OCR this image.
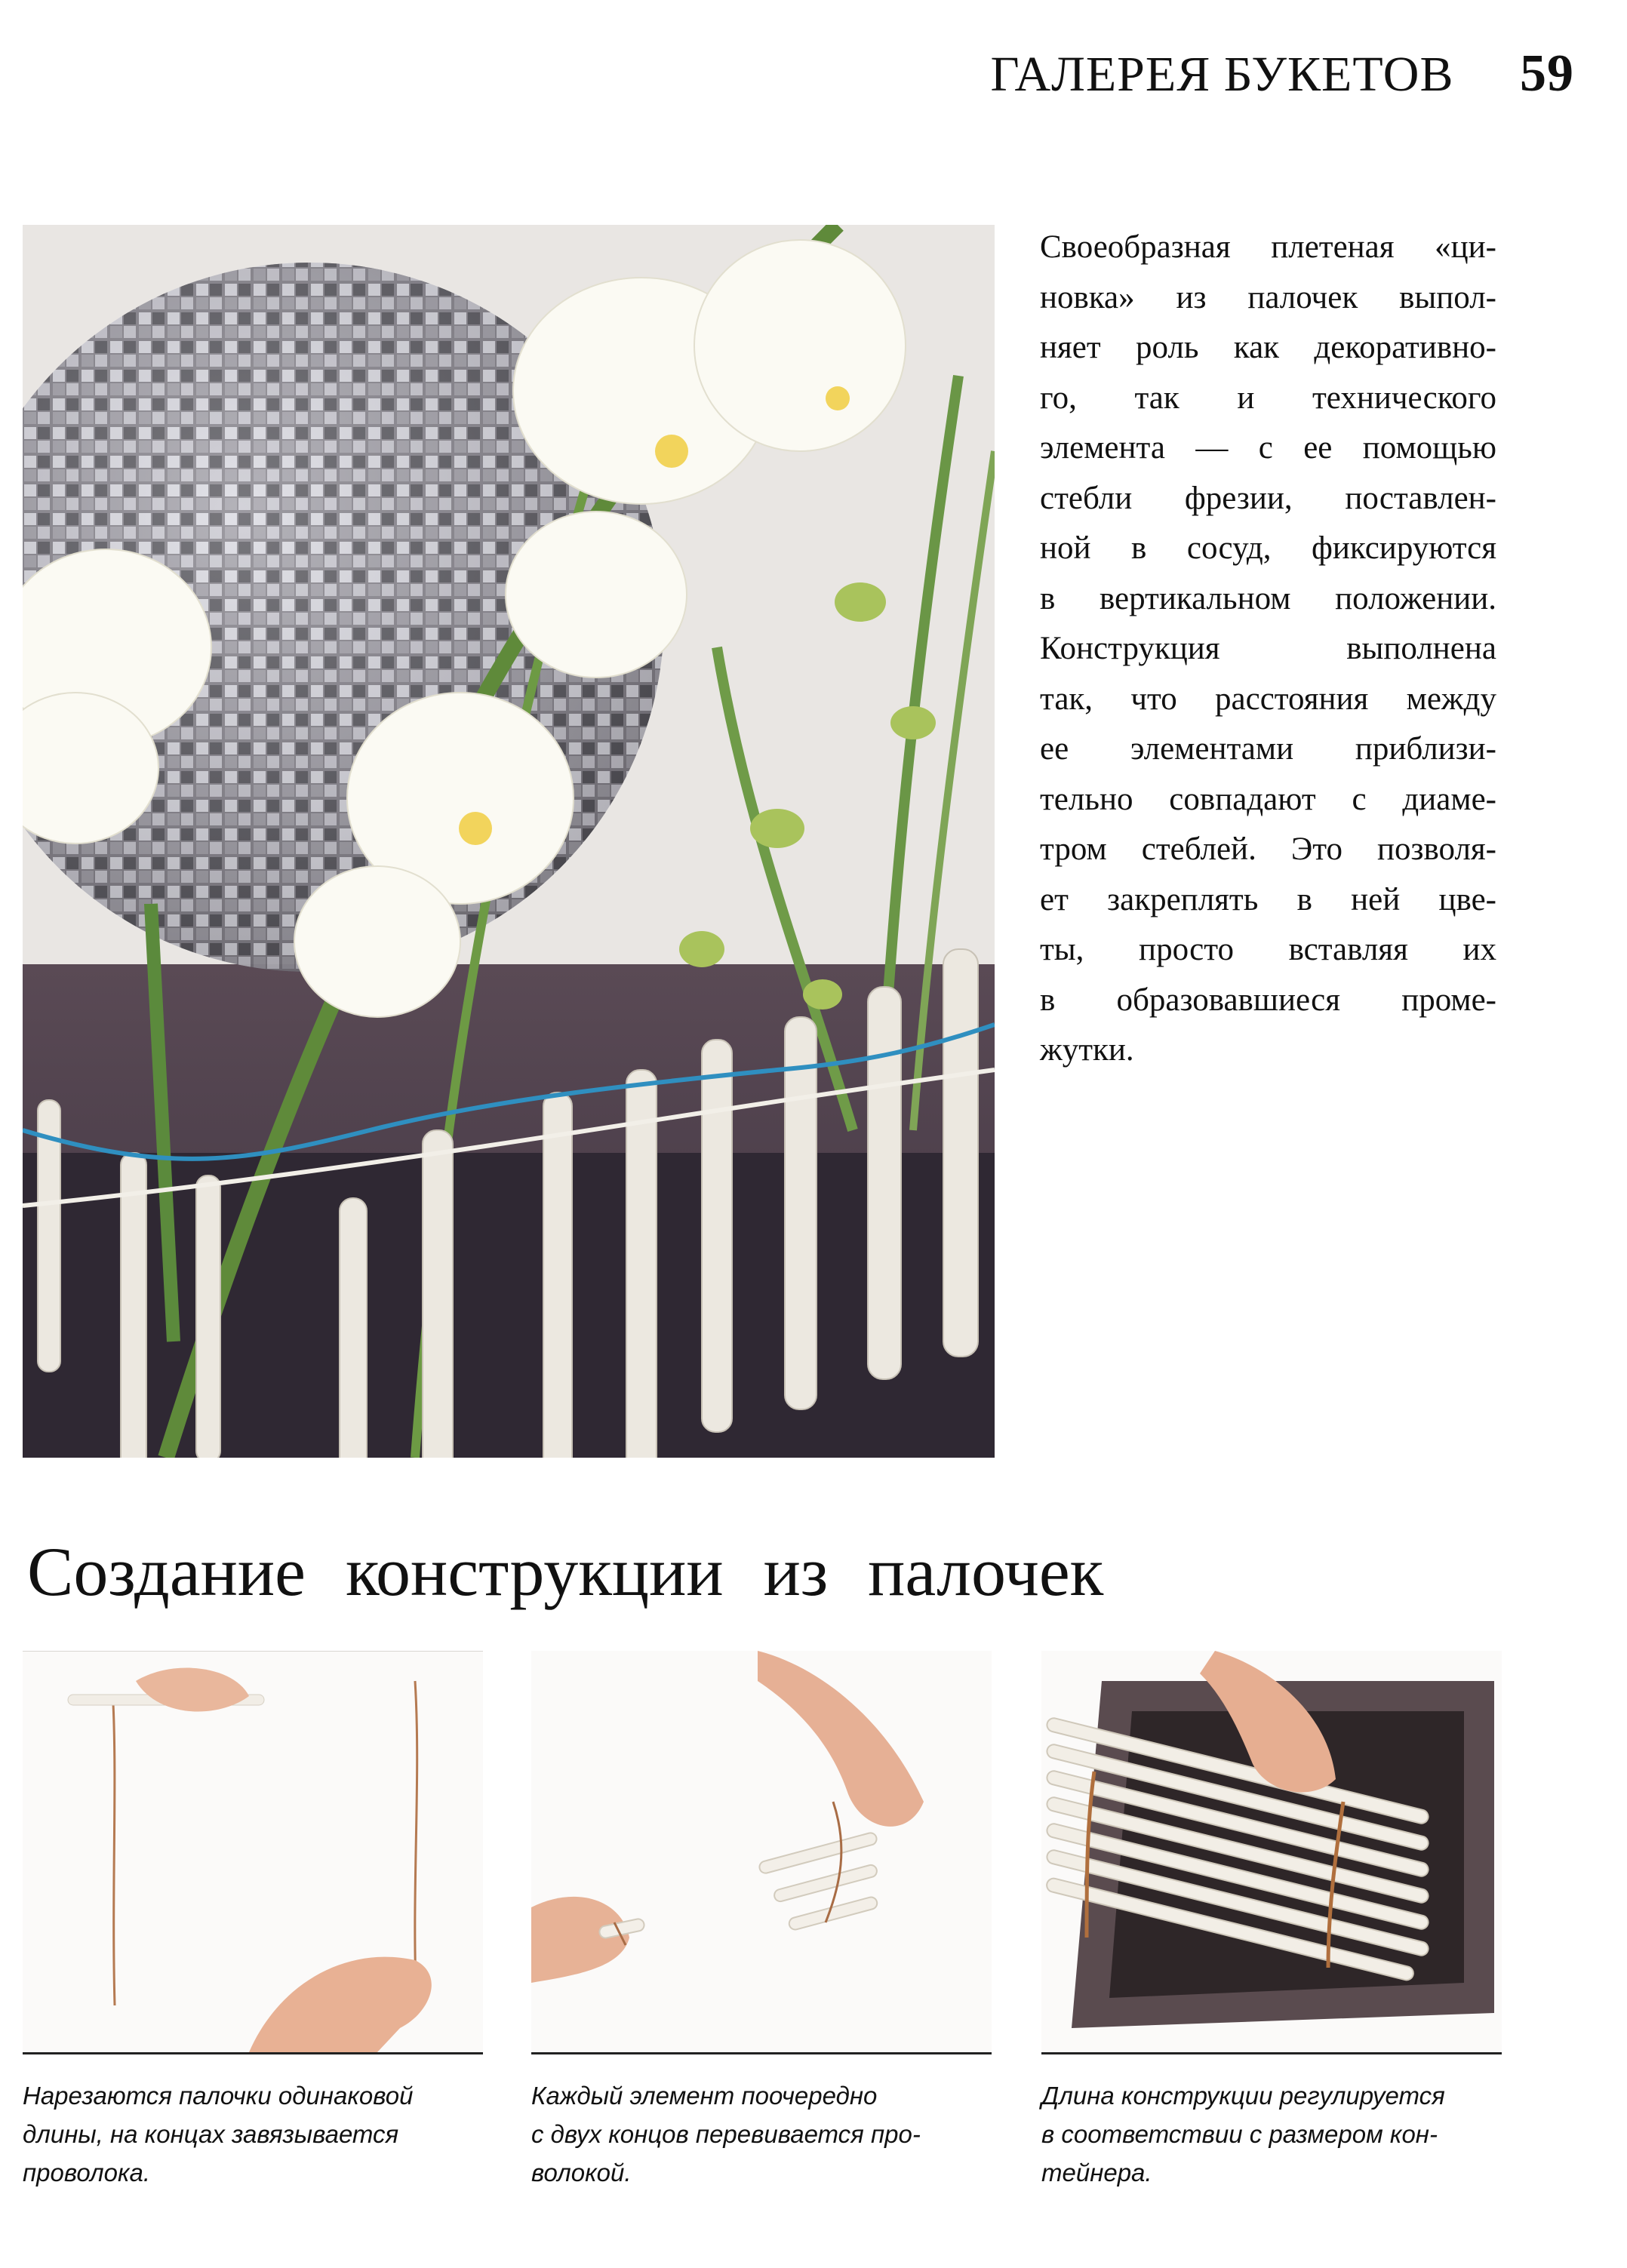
ГАЛЕРЕЯ БУКЕТОВ 59
Своеобразная плетеная «ци-
новка» из палочек выпол-
няет роль как декоративно-
го, так и технического
элемента — с ее помощью
стебли фрезии, поставлен-
ной в сосуд, фиксируются
в вертикальном положении.
Конструкция выполнена
так, что расстояния между
ее элементами приблизи-
тельно совпадают с диаме-
тром стеблей. Это позволя-
ет закреплять в ней цве-
ты, просто вставляя их
в образовавшиеся проме-
жутки.
Создание конструкции из палочек
Нарезаются палочки одинаковой
длины, на концах завязывается
проволока.
Каждый элемент поочередно
с двух концов перевивается про-
волокой.
Длина конструкции регулируется
в соответствии с размером кон-
тейнера.
